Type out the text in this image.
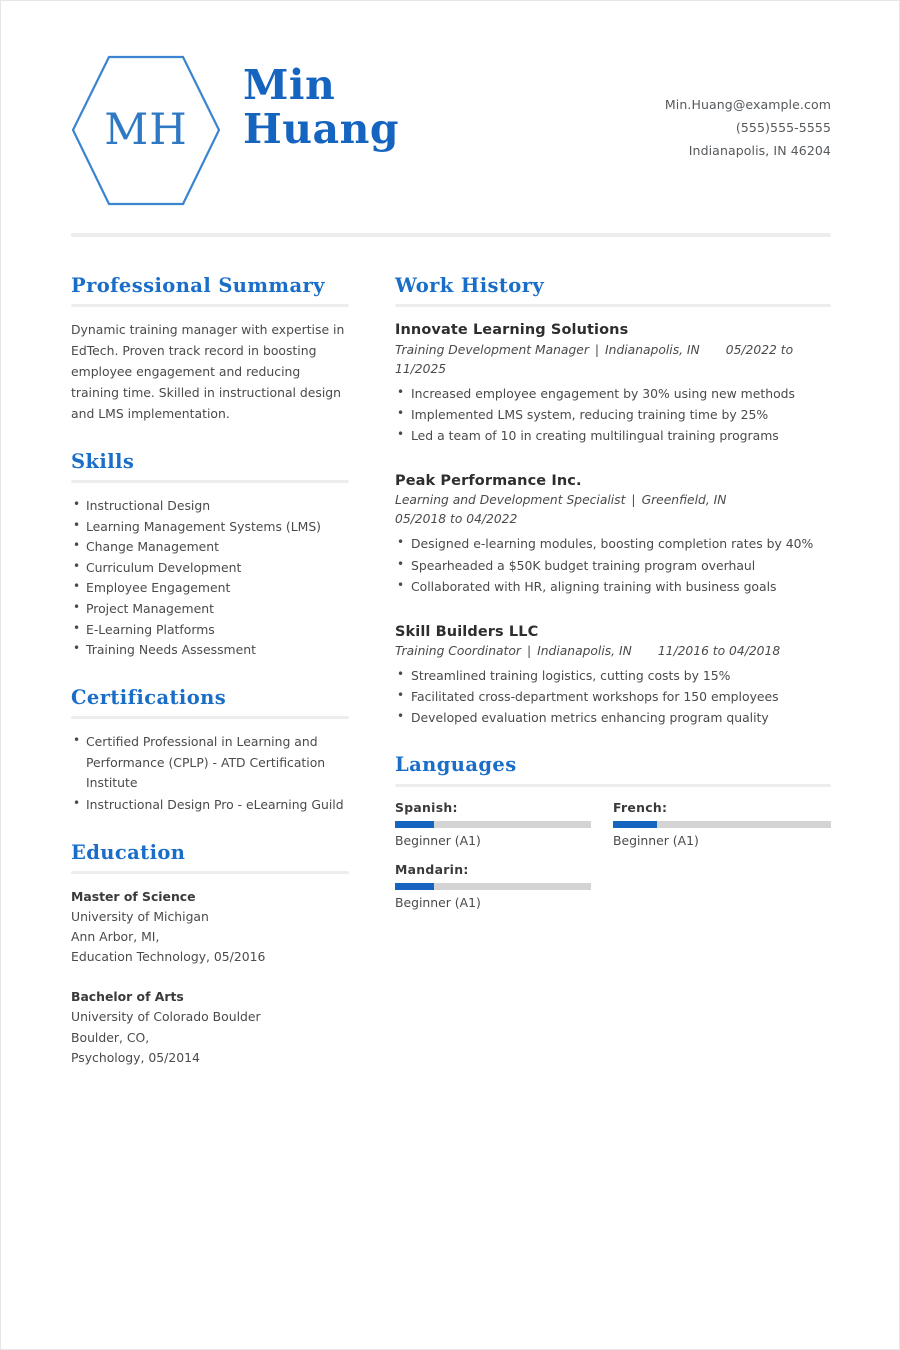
MH
Min
Huang
Min.Huang@example.com
(555)555-5555
Indianapolis, IN 46204
Professional Summary
Dynamic training manager with expertise in EdTech. Proven track record in boosting employee engagement and reducing training time. Skilled in instructional design and LMS implementation.
Skills
• Instructional Design
• Learning Management Systems (LMS)
• Change Management
• Curriculum Development
• Employee Engagement
• Project Management
• E-Learning Platforms
• Training Needs Assessment
Certifications
• Certified Professional in Learning and Performance (CPLP) - ATD Certification Institute
• Instructional Design Pro - eLearning Guild
Education
Master of Science
University of Michigan
Ann Arbor, MI,
Education Technology, 05/2016
Bachelor of Arts
University of Colorado Boulder
Boulder, CO,
Psychology, 05/2014
Work History
Innovate Learning Solutions
Training Development Manager | Indianapolis, IN 05/2022 to 11/2025
• Increased employee engagement by 30% using new methods
• Implemented LMS system, reducing training time by 25%
• Led a team of 10 in creating multilingual training programs
Peak Performance Inc.
Learning and Development Specialist | Greenfield, IN
05/2018 to 04/2022
• Designed e-learning modules, boosting completion rates by 40%
• Spearheaded a $50K budget training program overhaul
• Collaborated with HR, aligning training with business goals
Skill Builders LLC
Training Coordinator | Indianapolis, IN 11/2016 to 04/2018
• Streamlined training logistics, cutting costs by 15%
• Facilitated cross-department workshops for 150 employees
• Developed evaluation metrics enhancing program quality
Languages
Spanish:
Beginner (A1)
French:
Beginner (A1)
Mandarin:
Beginner (A1)
